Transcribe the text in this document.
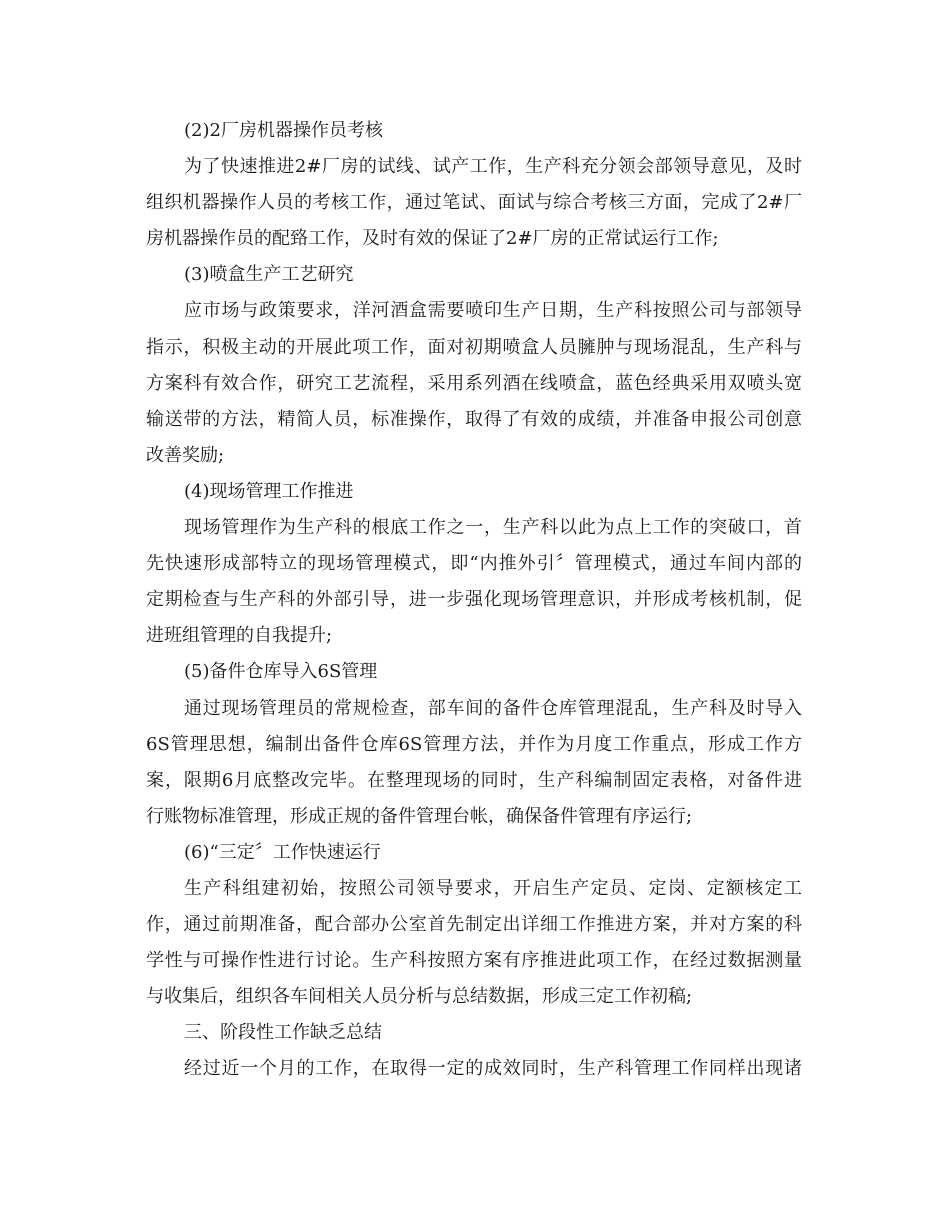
(2)2厂房机器操作员考核
为了快速推进2#厂房的试线、试产工作，生产科充分领会部领导意见，及时
组织机器操作人员的考核工作，通过笔试、面试与综合考核三方面，完成了2#厂
房机器操作员的配臵工作，及时有效的保证了2#厂房的正常试运行工作;
(3)喷盒生产工艺研究
应市场与政策要求，洋河酒盒需要喷印生产日期，生产科按照公司与部领导
指示，积极主动的开展此项工作，面对初期喷盒人员臃肿与现场混乱，生产科与
方案科有效合作，研究工艺流程，采用系列酒在线喷盒，蓝色经典采用双喷头宽
输送带的方法，精简人员，标准操作，取得了有效的成绩，并准备申报公司创意
改善奖励;
(4)现场管理工作推进
现场管理作为生产科的根底工作之一，生产科以此为点上工作的突破口，首
先快速形成部特立的现场管理模式，即“内推外引〞管理模式，通过车间内部的
定期检查与生产科的外部引导，进一步强化现场管理意识，并形成考核机制，促
进班组管理的自我提升;
(5)备件仓库导入6S管理
通过现场管理员的常规检查，部车间的备件仓库管理混乱，生产科及时导入
6S管理思想，编制出备件仓库6S管理方法，并作为月度工作重点，形成工作方
案，限期6月底整改完毕。在整理现场的同时，生产科编制固定表格，对备件进
行账物标准管理，形成正规的备件管理台帐，确保备件管理有序运行;
(6)“三定〞工作快速运行
生产科组建初始，按照公司领导要求，开启生产定员、定岗、定额核定工
作，通过前期准备，配合部办公室首先制定出详细工作推进方案，并对方案的科
学性与可操作性进行讨论。生产科按照方案有序推进此项工作，在经过数据测量
与收集后，组织各车间相关人员分析与总结数据，形成三定工作初稿;
三、阶段性工作缺乏总结
经过近一个月的工作，在取得一定的成效同时，生产科管理工作同样出现诸
